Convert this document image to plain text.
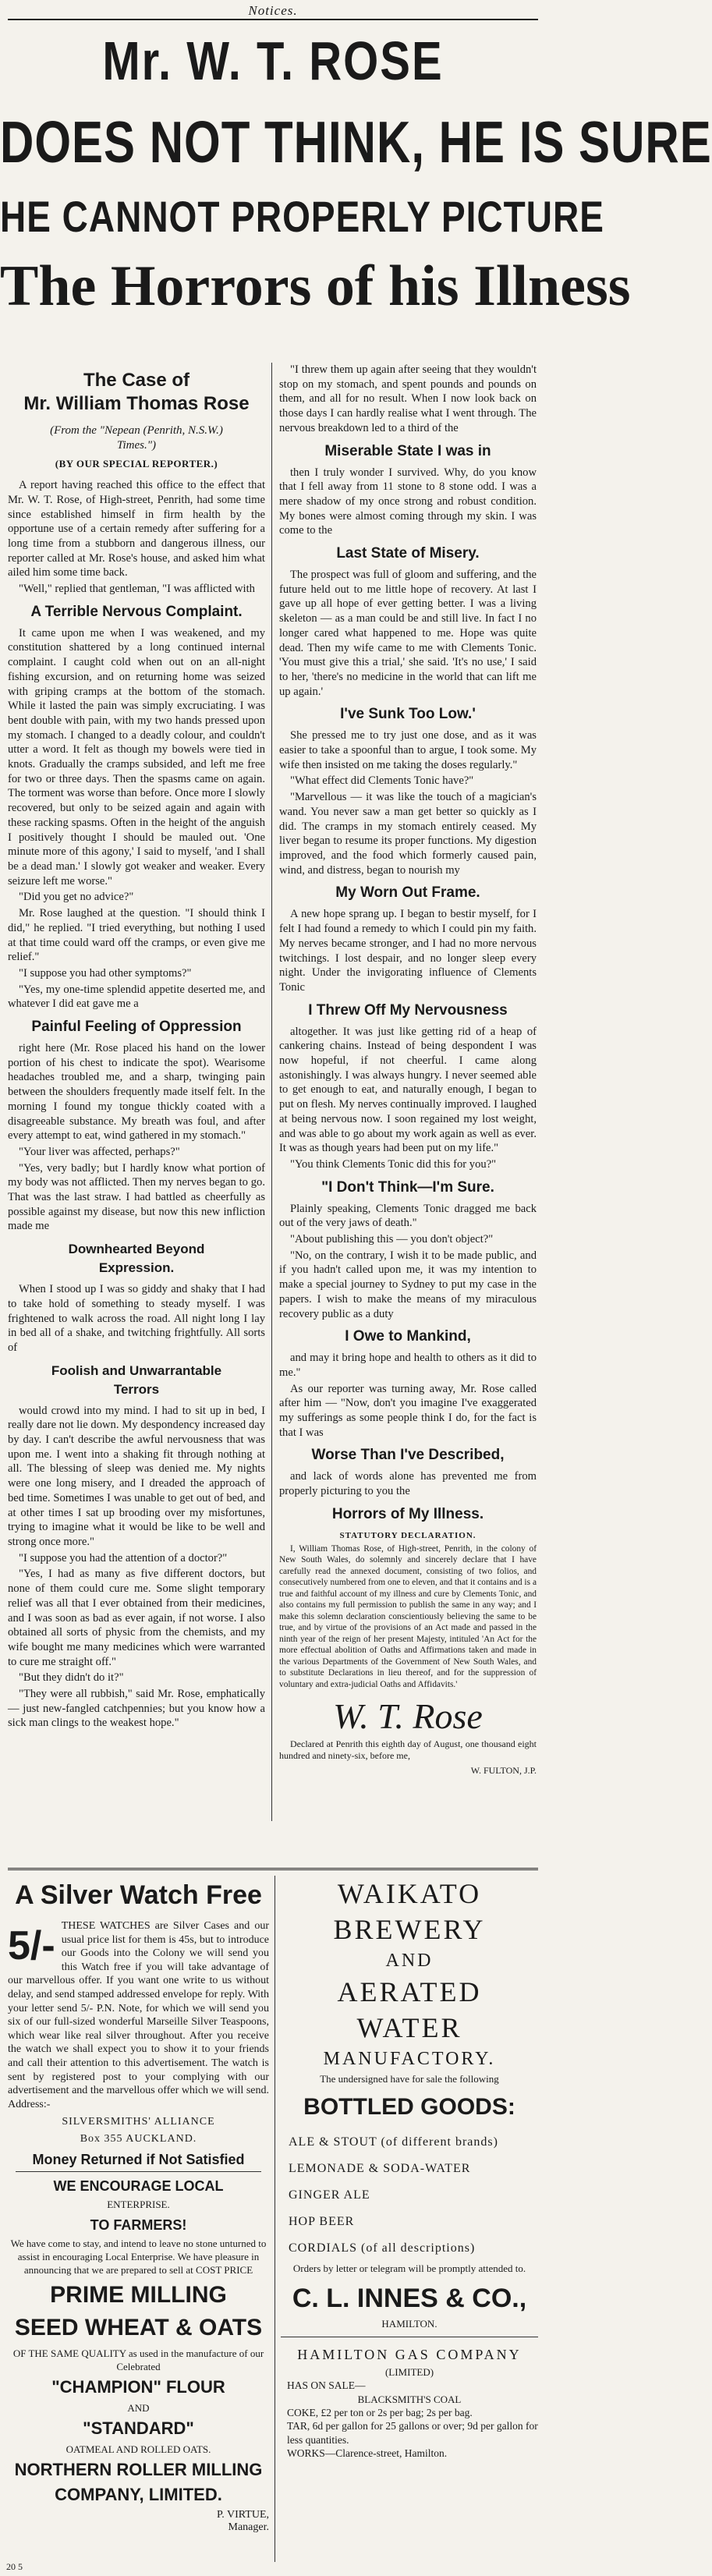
Notices.
Mr. W. T. ROSE
DOES NOT THINK, HE IS SURE
HE CANNOT PROPERLY PICTURE
The Horrors of his Illness
The Case of
Mr. William Thomas Rose
(From the "Nepean (Penrith, N.S.W.)
Times.")
(BY OUR SPECIAL REPORTER.)

A report having reached this office to the effect that Mr. W. T. Rose, of High-street, Penrith, had some time since established himself in firm health by the opportune use of a certain remedy after suffering for a long time from a stubborn and dangerous illness, our reporter called at Mr. Rose's house, and asked him what ailed him some time back.

"Well," replied that gentleman, "I was afflicted with

A Terrible Nervous Complaint.

It came upon me when I was weakened, and my constitution shattered by a long continued internal complaint. I caught cold when out on an all-night fishing excursion, and on returning home was seized with griping cramps at the bottom of the stomach. While it lasted the pain was simply excruciating. I was bent double with pain, with my two hands pressed upon my stomach. I changed to a deadly colour, and couldn't utter a word. It felt as though my bowels were tied in knots. Gradually the cramps subsided, and left me free for two or three days. Then the spasms came on again. The torment was worse than before. Once more I slowly recovered, but only to be seized again and again with these racking spasms. Often in the height of the anguish I positively thought I should be mauled out. 'One minute more of this agony,' I said to myself, 'and I shall be a dead man.' I slowly got weaker and weaker. Every seizure left me worse."

"Did you get no advice?"

Mr. Rose laughed at the question. "I should think I did," he replied. "I tried everything, but nothing I used at that time could ward off the cramps, or even give me relief."

"I suppose you had other symptoms?"

"Yes, my one-time splendid appetite deserted me, and whatever I did eat gave me a

Painful Feeling of Oppression

right here (Mr. Rose placed his hand on the lower portion of his chest to indicate the spot). Wearisome headaches troubled me, and a sharp, twinging pain between the shoulders frequently made itself felt. In the morning I found my tongue thickly coated with a disagreeable substance. My breath was foul, and after every attempt to eat, wind gathered in my stomach."

"Your liver was affected, perhaps?"

"Yes, very badly; but I hardly know what portion of my body was not afflicted. Then my nerves began to go. That was the last straw. I had battled as cheerfully as possible against my disease, but now this new infliction made me

Downhearted Beyond
Expression.

When I stood up I was so giddy and shaky that I had to take hold of something to steady myself. I was frightened to walk across the road. All night long I lay in bed all of a shake, and twitching frightfully. All sorts of

Foolish and Unwarrantable
Terrors

would crowd into my mind. I had to sit up in bed, I really dare not lie down. My despondency increased day by day. I can't describe the awful nervousness that was upon me. I went into a shaking fit through nothing at all. The blessing of sleep was denied me. My nights were one long misery, and I dreaded the approach of bed time. Sometimes I was unable to get out of bed, and at other times I sat up brooding over my misfortunes, trying to imagine what it would be like to be well and strong once more."

"I suppose you had the attention of a doctor?"

"Yes, I had as many as five different doctors, but none of them could cure me. Some slight temporary relief was all that I ever obtained from their medicines, and I was soon as bad as ever again, if not worse. I also obtained all sorts of physic from the chemists, and my wife bought me many medicines which were warranted to cure me straight off."

"But they didn't do it?"

"They were all rubbish," said Mr. Rose, emphatically — just new-fangled catchpennies; but you know how a sick man clings to the weakest hope."

"I threw them up again after seeing that they wouldn't stop on my stomach, and spent pounds and pounds on them, and all for no result. When I now look back on those days I can hardly realise what I went through. The nervous breakdown led to a third of the

Miserable State I was in

then I truly wonder I survived. Why, do you know that I fell away from 11 stone to 8 stone odd. I was a mere shadow of my once strong and robust condition. My bones were almost coming through my skin. I was come to the

Last State of Misery.

The prospect was full of gloom and suffering, and the future held out to me little hope of recovery. At last I gave up all hope of ever getting better. I was a living skeleton — as a man could be and still live. In fact I no longer cared what happened to me. Hope was quite dead. Then my wife came to me with Clements Tonic. 'You must give this a trial,' she said. 'It's no use,' I said to her, 'there's no medicine in the world that can lift me up again.'

I've Sunk Too Low.'

She pressed me to try just one dose, and as it was easier to take a spoonful than to argue, I took some. My wife then insisted on me taking the doses regularly."

"What effect did Clements Tonic have?"

"Marvellous — it was like the touch of a magician's wand. You never saw a man get better so quickly as I did. The cramps in my stomach entirely ceased. My liver began to resume its proper functions. My digestion improved, and the food which formerly caused pain, wind, and distress, began to nourish my

My Worn Out Frame.

A new hope sprang up. I began to bestir myself, for I felt I had found a remedy to which I could pin my faith. My nerves became stronger, and I had no more nervous twitchings. I lost despair, and no longer sleep every night. Under the invigorating influence of Clements Tonic

I Threw Off My Nervousness

altogether. It was just like getting rid of a heap of cankering chains. Instead of being despondent I was now hopeful, if not cheerful. I came along astonishingly. I was always hungry. I never seemed able to get enough to eat, and naturally enough, I began to put on flesh. My nerves continually improved. I laughed at being nervous now. I soon regained my lost weight, and was able to go about my work again as well as ever. It was as though years had been put on my life."

"You think Clements Tonic did this for you?"

"I Don't Think—I'm Sure.

Plainly speaking, Clements Tonic dragged me back out of the very jaws of death."

"About publishing this — you don't object?"

"No, on the contrary, I wish it to be made public, and if you hadn't called upon me, it was my intention to make a special journey to Sydney to put my case in the papers. I wish to make the means of my miraculous recovery public as a duty

I Owe to Mankind,

and may it bring hope and health to others as it did to me."

As our reporter was turning away, Mr. Rose called after him — "Now, don't you imagine I've exaggerated my sufferings as some people think I do, for the fact is that I was

Worse Than I've Described,

and lack of words alone has prevented me from properly picturing to you the

Horrors of My Illness.
STATUTORY DECLARATION.
I, William Thomas Rose, of High-street, Penrith, in the colony of New South Wales, do solemnly and sincerely declare that I have carefully read the annexed document, consisting of two folios, and consecutively numbered from one to eleven, and that it contains and is a true and faithful account of my illness and cure by Clements Tonic, and also contains my full permission to publish the same in any way; and I make this solemn declaration conscientiously believing the same to be true, and by virtue of the provisions of an Act made and passed in the ninth year of the reign of her present Majesty, intituled 'An Act for the more effectual abolition of Oaths and Affirmations taken and made in the various Departments of the Government of New South Wales, and to substitute Declarations in lieu thereof, and for the suppression of voluntary and extra-judicial Oaths and Affidavits.'
W. T. Rose
Declared at Penrith this eighth day of August, one thousand eight hundred and ninety-six, before me,
W. FULTON, J.P.
A Silver Watch Free
5/- THESE WATCHES are Silver Cases and our usual price list for them is 45s, but to introduce our Goods into the Colony we will send you this Watch free if you will take advantage of our marvellous offer. If you want one write to us without delay, and send stamped addressed envelope for reply. With your letter send 5/- P.N. Note, for which we will send you six of our full-sized wonderful Marseille Silver Teaspoons, which wear like real silver throughout. After you receive the watch we shall expect you to show it to your friends and call their attention to this advertisement. The watch is sent by registered post to your complying with our advertisement and the marvellous offer which we will send. Address:-
SILVERSMITHS' ALLIANCE
Box 355 AUCKLAND.
Money Returned if Not Satisfied
WE ENCOURAGE LOCAL
ENTERPRISE.
TO FARMERS!
We have come to stay, and intend to leave no stone unturned to assist in encouraging Local Enterprise. We have pleasure in announcing that we are prepared to sell at COST PRICE
PRIME MILLING
SEED WHEAT & OATS
OF THE SAME QUALITY as used in the manufacture of our Celebrated
"CHAMPION" FLOUR
AND
"STANDARD"
OATMEAL AND ROLLED OATS.
NORTHERN ROLLER MILLING
COMPANY, LIMITED.
P. VIRTUE,
Manager.
WAIKATO BREWERY
AND
AERATED WATER
MANUFACTORY.
The undersigned have for sale the following
BOTTLED GOODS:
ALE & STOUT (of different brands)
LEMONADE & SODA-WATER
GINGER ALE
HOP BEER
CORDIALS (of all descriptions)
Orders by letter or telegram will be promptly attended to.
C. L. INNES & CO.,
HAMILTON.
HAMILTON GAS COMPANY
(LIMITED)
HAS ON SALE—
BLACKSMITH'S COAL
COKE, £2 per ton or 2s per bag; 2s per bag.
TAR, 6d per gallon for 25 gallons or over; 9d per gallon for less quantities.
WORKS—Clarence-street, Hamilton.
20 5
